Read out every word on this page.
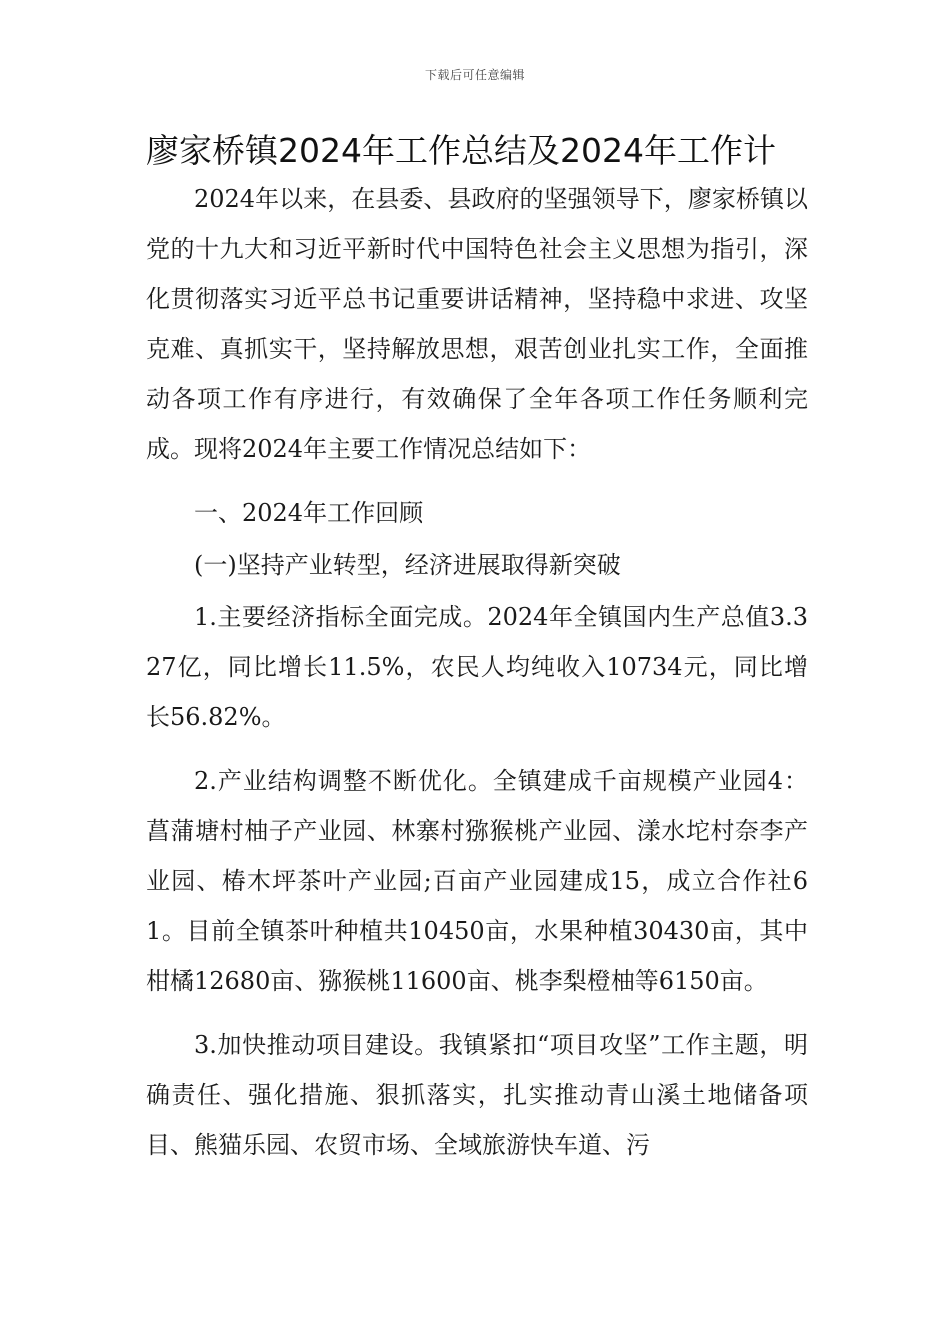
下载后可任意编辑
廖家桥镇2024年工作总结及2024年工作计

2024年以来，在县委、县政府的坚强领导下，廖家桥镇以党的十九大和习近平新时代中国特色社会主义思想为指引，深化贯彻落实习近平总书记重要讲话精神，坚持稳中求进、攻坚克难、真抓实干，坚持解放思想，艰苦创业扎实工作，全面推动各项工作有序进行，有效确保了全年各项工作任务顺利完成。现将2024年主要工作情况总结如下：

一、2024年工作回顾

(一)坚持产业转型，经济进展取得新突破

1.主要经济指标全面完成。2024年全镇国内生产总值3.327亿，同比增长11.5%，农民人均纯收入10734元，同比增长56.82%。

2.产业结构调整不断优化。全镇建成千亩规模产业园4：菖蒲塘村柚子产业园、林寨村猕猴桃产业园、漾水坨村奈李产业园、椿木坪茶叶产业园;百亩产业园建成15，成立合作社61。目前全镇茶叶种植共10450亩，水果种植30430亩，其中柑橘12680亩、猕猴桃11600亩、桃李梨橙柚等6150亩。

3.加快推动项目建设。我镇紧扣“项目攻坚”工作主题，明确责任、强化措施、狠抓落实，扎实推动青山溪土地储备项目、熊猫乐园、农贸市场、全域旅游快车道、污
